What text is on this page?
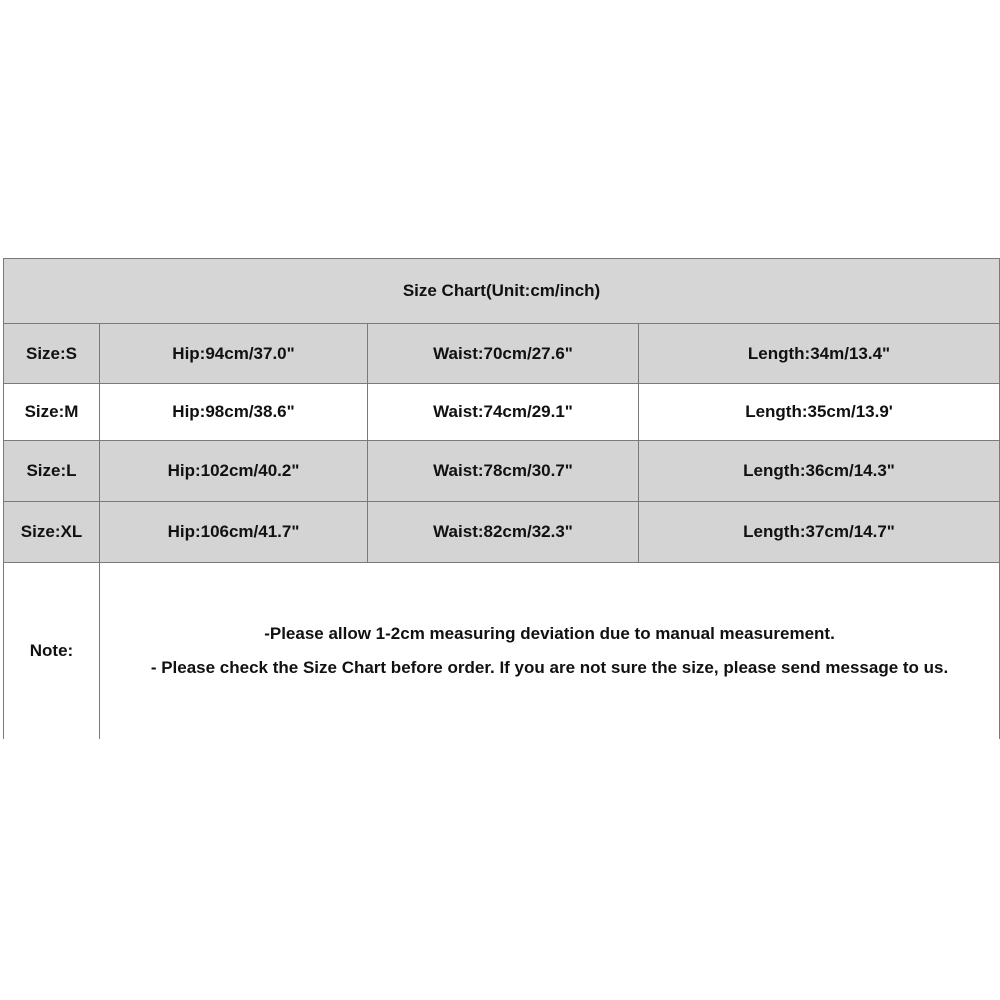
Size Chart(Unit:cm/inch)			
Size:S	Hip:94cm/37.0"	Waist:70cm/27.6"	Length:34m/13.4"
Size:M	Hip:98cm/38.6"	Waist:74cm/29.1"	Length:35cm/13.9'
Size:L	Hip:102cm/40.2"	Waist:78cm/30.7"	Length:36cm/14.3"
Size:XL	Hip:106cm/41.7"	Waist:82cm/32.3"	Length:37cm/14.7"
Note:	-Please allow 1-2cm measuring deviation due to manual measurement.
- Please check the Size Chart before order. If you are not sure the size, please send message to us.		
